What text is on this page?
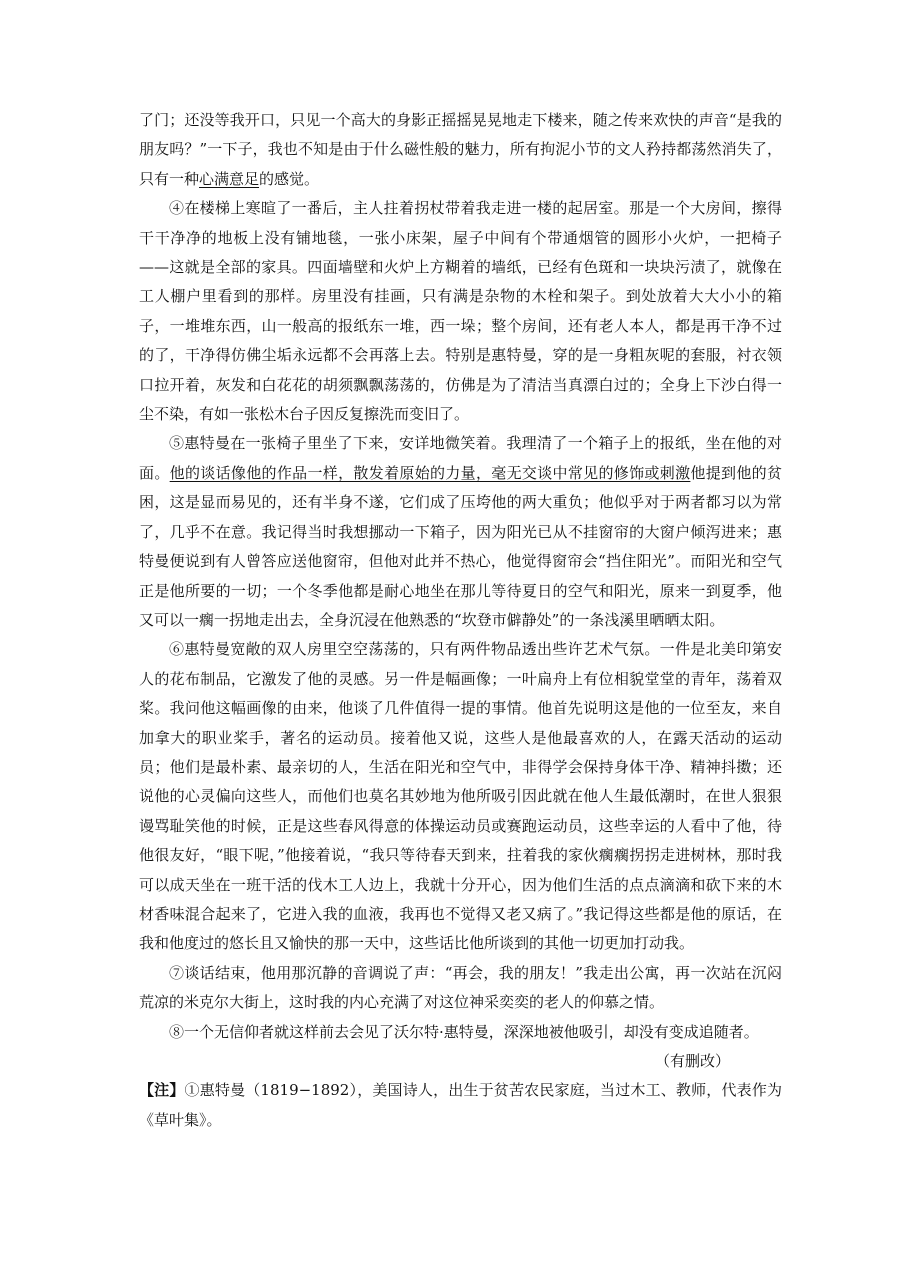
了门；还没等我开口，只见一个高大的身影正摇摇晃晃地走下楼来，随之传来欢快的声音“是我的朋友吗？”一下子，我也不知是由于什么磁性般的魅力，所有拘泥小节的文人矜持都荡然消失了，只有一种心满意足的感觉。

④在楼梯上寒暄了一番后，主人拄着拐杖带着我走进一楼的起居室。那是一个大房间，擦得干干净净的地板上没有铺地毯，一张小床架，屋子中间有个带通烟管的圆形小火炉，一把椅子——这就是全部的家具。四面墙壁和火炉上方糊着的墙纸，已经有色斑和一块块污渍了，就像在工人棚户里看到的那样。房里没有挂画，只有满是杂物的木栓和架子。到处放着大大小小的箱子，一堆堆东西，山一般高的报纸东一堆，西一垛；整个房间，还有老人本人，都是再干净不过的了，干净得仿佛尘垢永远都不会再落上去。特别是惠特曼，穿的是一身粗灰呢的套服，衬衣领口拉开着，灰发和白花花的胡须飘飘荡荡的，仿佛是为了清洁当真漂白过的；全身上下沙白得一尘不染，有如一张松木台子因反复擦洗而变旧了。

⑤惠特曼在一张椅子里坐了下来，安详地微笑着。我理清了一个箱子上的报纸，坐在他的对面。他的谈话像他的作品一样，散发着原始的力量，毫无交谈中常见的修饰或刺激他提到他的贫困，这是显而易见的，还有半身不遂，它们成了压垮他的两大重负；他似乎对于两者都习以为常了，几乎不在意。我记得当时我想挪动一下箱子，因为阳光已从不挂窗帘的大窗户倾泻进来；惠特曼便说到有人曾答应送他窗帘，但他对此并不热心，他觉得窗帘会“挡住阳光”。而阳光和空气正是他所要的一切；一个冬季他都是耐心地坐在那儿等待夏日的空气和阳光，原来一到夏季，他又可以一瘸一拐地走出去，全身沉浸在他熟悉的“坎登市僻静处”的一条浅溪里晒晒太阳。

⑥惠特曼宽敞的双人房里空空荡荡的，只有两件物品透出些许艺术气氛。一件是北美印第安人的花布制品，它激发了他的灵感。另一件是幅画像；一叶扁舟上有位相貌堂堂的青年，荡着双桨。我问他这幅画像的由来，他谈了几件值得一提的事情。他首先说明这是他的一位至友，来自加拿大的职业桨手，著名的运动员。接着他又说，这些人是他最喜欢的人，在露天活动的运动员；他们是最朴素、最亲切的人，生活在阳光和空气中，非得学会保持身体干净、精神抖擞；还说他的心灵偏向这些人，而他们也莫名其妙地为他所吸引因此就在他人生最低潮时，在世人狠狠谩骂耻笑他的时候，正是这些春风得意的体操运动员或赛跑运动员，这些幸运的人看中了他，待他很友好，“眼下呢，”他接着说，“我只等待春天到来，拄着我的家伙瘸瘸拐拐走进树林，那时我可以成天坐在一班干活的伐木工人边上，我就十分开心，因为他们生活的点点滴滴和砍下来的木材香味混合起来了，它进入我的血液，我再也不觉得又老又病了。”我记得这些都是他的原话，在我和他度过的悠长且又愉快的那一天中，这些话比他所谈到的其他一切更加打动我。

⑦谈话结束，他用那沉静的音调说了声：“再会，我的朋友！”我走出公寓，再一次站在沉闷荒凉的米克尔大街上，这时我的内心充满了对这位神采奕奕的老人的仰慕之情。

⑧一个无信仰者就这样前去会见了沃尔特·惠特曼，深深地被他吸引，却没有变成追随者。

（有删改）

【注】①惠特曼（1819−1892），美国诗人，出生于贫苦农民家庭，当过木工、教师，代表作为《草叶集》。
